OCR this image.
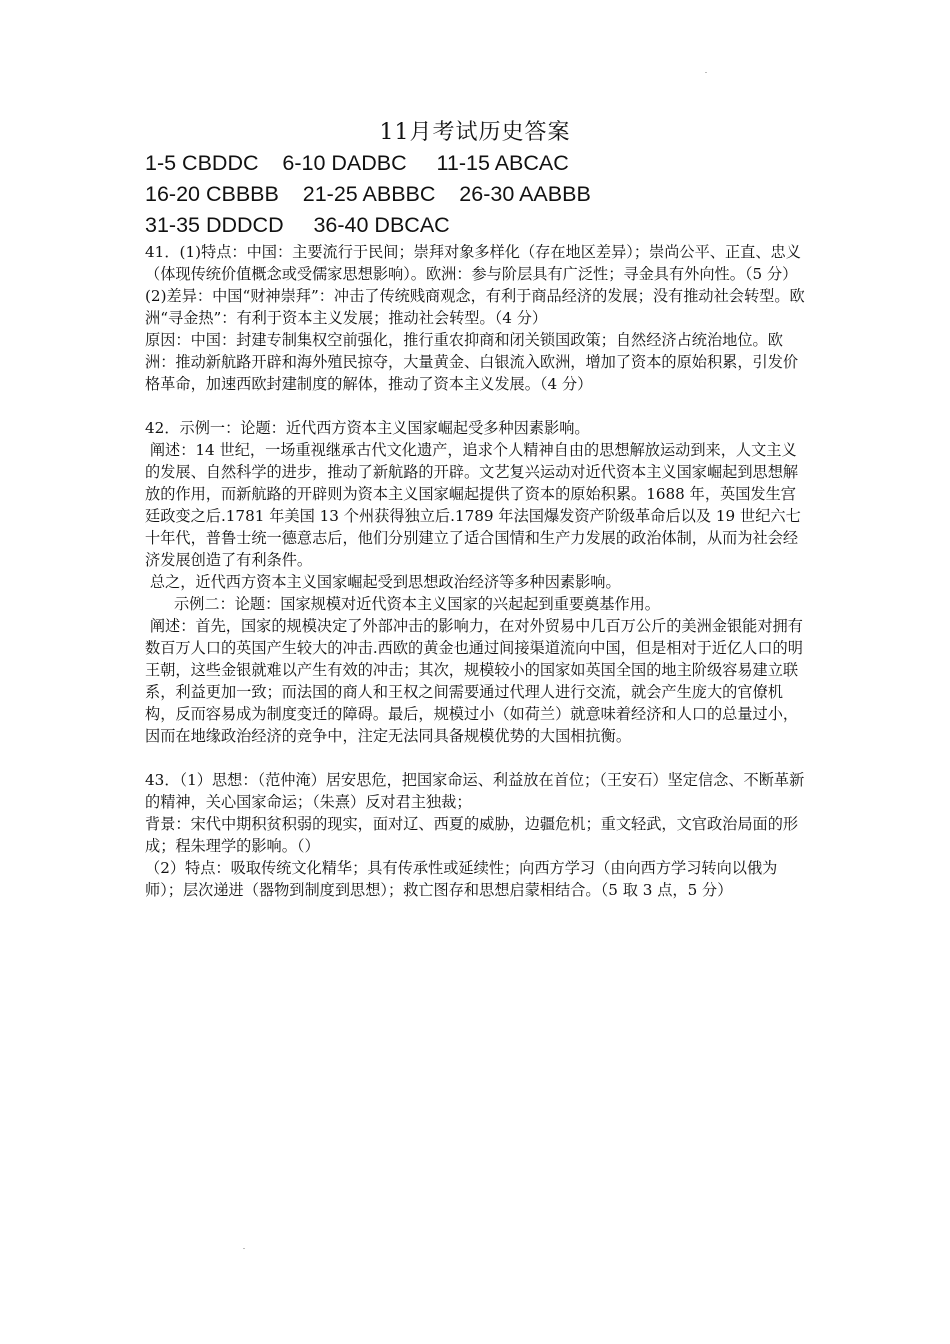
11月考试历史答案
1-5 CBDDC    6-10 DADBC     11-15 ABCAC
16-20 CBBBB    21-25 ABBBC    26-30 AABBB
31-35 DDDCD     36-40 DBCAC

41．(1)特点：中国：主要流行于民间；崇拜对象多样化（存在地区差异）；崇尚公平、正直、忠义（体现传统价值概念或受儒家思想影响）。欧洲：参与阶层具有广泛性；寻金具有外向性。（5 分）

(2)差异：中国“财神崇拜”：冲击了传统贱商观念，有利于商品经济的发展；没有推动社会转型。欧洲“寻金热”：有利于资本主义发展；推动社会转型。（4 分）

原因：中国：封建专制集权空前强化，推行重农抑商和闭关锁国政策；自然经济占统治地位。欧洲：推动新航路开辟和海外殖民掠夺，大量黄金、白银流入欧洲，增加了资本的原始积累，引发价格革命，加速西欧封建制度的解体，推动了资本主义发展。（4 分）

42．示例一：论题：近代西方资本主义国家崛起受多种因素影响。

阐述：14 世纪，一场重视继承古代文化遗产，追求个人精神自由的思想解放运动到来，人文主义的发展、自然科学的进步，推动了新航路的开辟。文艺复兴运动对近代资本主义国家崛起到思想解放的作用，而新航路的开辟则为资本主义国家崛起提供了资本的原始积累。1688 年，英国发生宫廷政变之后.1781 年美国 13 个州获得独立后.1789 年法国爆发资产阶级革命后以及 19 世纪六七十年代，普鲁士统一德意志后，他们分别建立了适合国情和生产力发展的政治体制，从而为社会经济发展创造了有利条件。

总之，近代西方资本主义国家崛起受到思想政治经济等多种因素影响。

示例二：论题：国家规模对近代资本主义国家的兴起起到重要奠基作用。

阐述：首先，国家的规模决定了外部冲击的影响力，在对外贸易中几百万公斤的美洲金银能对拥有数百万人口的英国产生较大的冲击.西欧的黄金也通过间接渠道流向中国，但是相对于近亿人口的明王朝，这些金银就难以产生有效的冲击；其次，规模较小的国家如英国全国的地主阶级容易建立联系，利益更加一致；而法国的商人和王权之间需要通过代理人进行交流，就会产生庞大的官僚机构，反而容易成为制度变迁的障碍。最后，规模过小（如荷兰）就意味着经济和人口的总量过小，因而在地缘政治经济的竞争中，注定无法同具备规模优势的大国相抗衡。

43．（1）思想：（范仲淹）居安思危，把国家命运、利益放在首位；（王安石）坚定信念、不断革新的精神，关心国家命运；（朱熹）反对君主独裁；

背景：宋代中期积贫积弱的现实，面对辽、西夏的威胁，边疆危机；重文轻武，文官政治局面的形成；程朱理学的影响。（）

（2）特点：吸取传统文化精华；具有传承性或延续性；向西方学习（由向西方学习转向以俄为师）；层次递进（器物到制度到思想）；救亡图存和思想启蒙相结合。（5 取 3 点，5 分）
